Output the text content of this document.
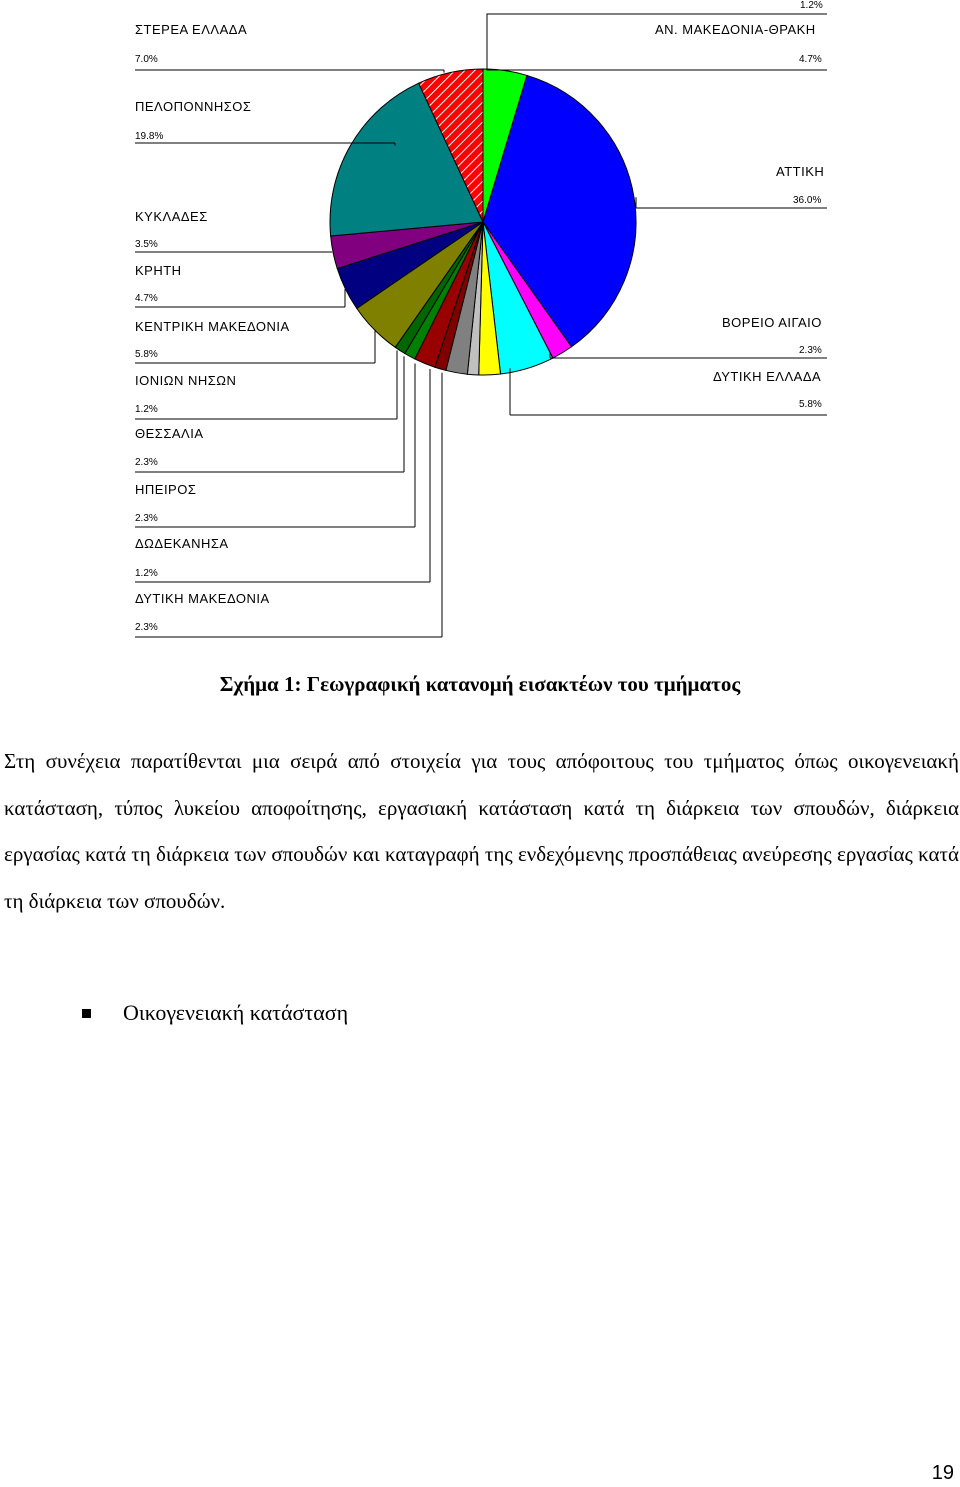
ΑΝ. ΜΑΚΕΔΟΝΙΑ-ΘΡΑΚΗ
4.7%
ΑΤΤΙΚΗ
36.0%
ΒΟΡΕΙΟ ΑΙΓΑΙΟ
2.3%
ΔΥΤΙΚΗ ΕΛΛΑΔΑ
5.8%
ΔΥΤΙΚΗ ΜΑΚΕΔΟΝΙΑ
2.3%
ΔΩΔΕΚΑΝΗΣΑ
1.2%
ΗΠΕΙΡΟΣ
2.3%
ΘΕΣΣΑΛΙΑ
2.3%
ΙΟΝΙΩΝ ΝΗΣΩΝ
1.2%
ΚΕΝΤΡΙΚΗ ΜΑΚΕΔΟΝΙΑ
5.8%
ΚΡΗΤΗ
4.7%
ΚΥΚΛΑΔΕΣ
3.5%
ΠΕΛΟΠΟΝΝΗΣΟΣ
19.8%
ΣΤΕΡΕΑ ΕΛΛΑΔΑ
7.0%
1.2%
Σχήμα 1: Γεωγραφική κατανομή εισακτέων του τμήματος

Στη συνέχεια παρατίθενται μια σειρά από στοιχεία για τους απόφοιτους του τμήματος όπως οικογενειακή κατάσταση, τύπος λυκείου αποφοίτησης, εργασιακή κατάσταση κατά τη διάρκεια των σπουδών, διάρκεια εργασίας κατά τη διάρκεια των σπουδών και καταγραφή της ενδεχόμενης προσπάθειας ανεύρεσης εργασίας κατά τη διάρκεια των σπουδών.

Οικογενειακή κατάσταση
19
